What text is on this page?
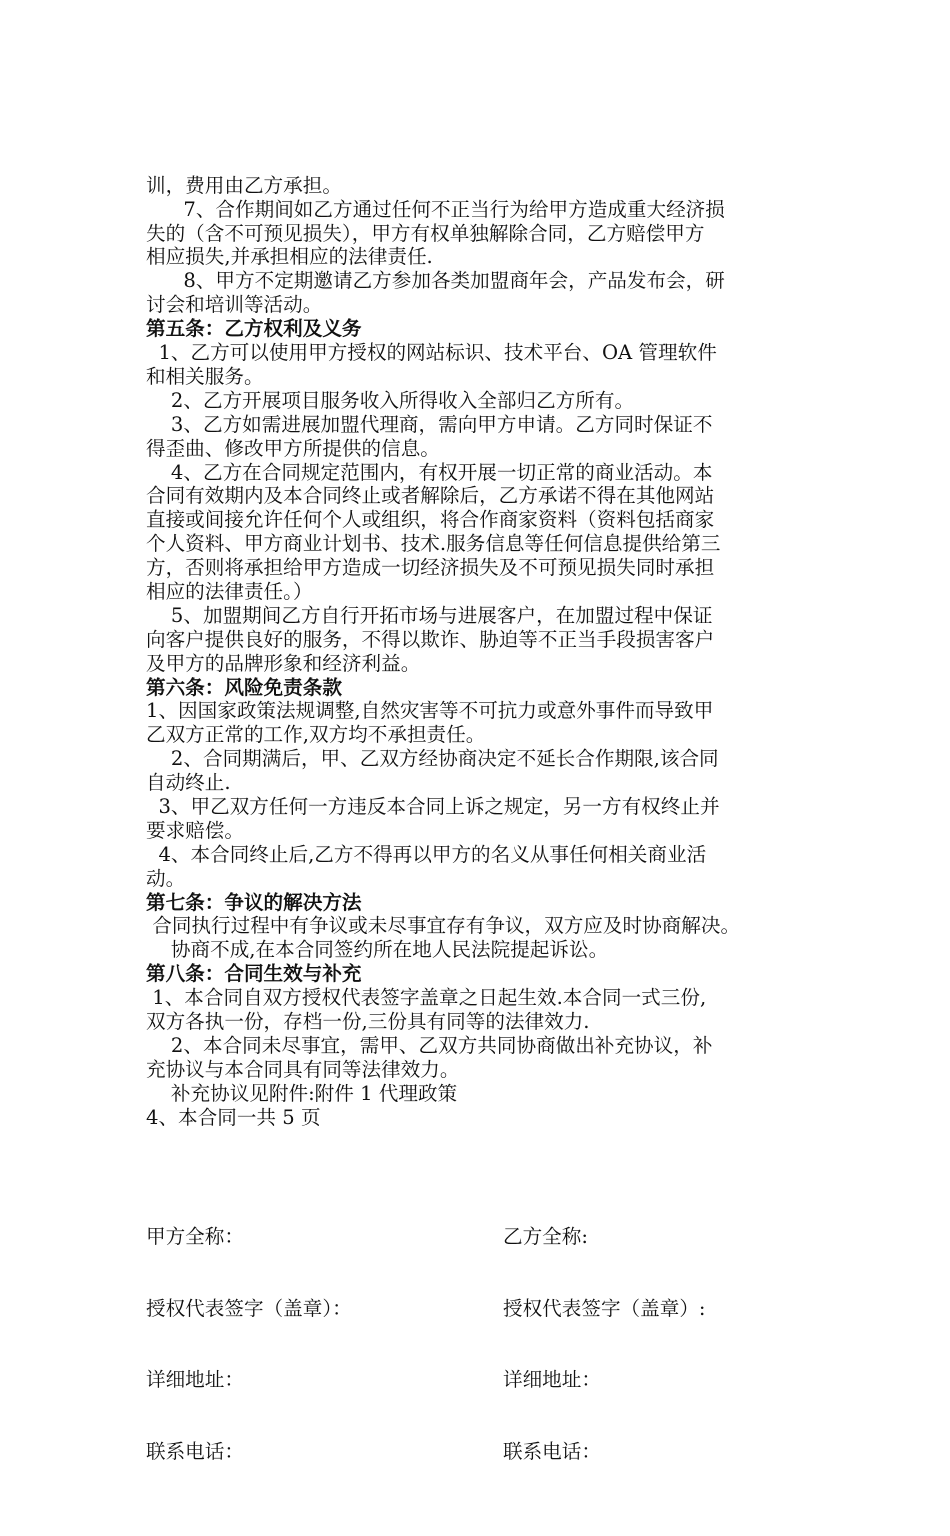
训，费用由乙方承担。
7、合作期间如乙方通过任何不正当行为给甲方造成重大经济损
失的（含不可预见损失），甲方有权单独解除合同，乙方赔偿甲方
相应损失,并承担相应的法律责任.
8、甲方不定期邀请乙方参加各类加盟商年会，产品发布会，研
讨会和培训等活动。
第五条：乙方权利及义务
1、乙方可以使用甲方授权的网站标识、技术平台、OA 管理软件
和相关服务。
2、乙方开展项目服务收入所得收入全部归乙方所有。
3、乙方如需进展加盟代理商，需向甲方申请。乙方同时保证不
得歪曲、修改甲方所提供的信息。
4、乙方在合同规定范围内，有权开展一切正常的商业活动。本
合同有效期内及本合同终止或者解除后，乙方承诺不得在其他网站
直接或间接允许任何个人或组织，将合作商家资料（资料包括商家
个人资料、甲方商业计划书、技术.服务信息等任何信息提供给第三
方，否则将承担给甲方造成一切经济损失及不可预见损失同时承担
相应的法律责任。）
5、加盟期间乙方自行开拓市场与进展客户，在加盟过程中保证
向客户提供良好的服务，不得以欺诈、胁迫等不正当手段损害客户
及甲方的品牌形象和经济利益。
第六条：风险免责条款
1、因国家政策法规调整,自然灾害等不可抗力或意外事件而导致甲
乙双方正常的工作,双方均不承担责任。
2、合同期满后，甲、乙双方经协商决定不延长合作期限,该合同
自动终止.
3、甲乙双方任何一方违反本合同上诉之规定，另一方有权终止并
要求赔偿。
4、本合同终止后,乙方不得再以甲方的名义从事任何相关商业活
动。
第七条：争议的解决方法
合同执行过程中有争议或未尽事宜存有争议，双方应及时协商解决。
协商不成,在本合同签约所在地人民法院提起诉讼。
第八条：合同生效与补充
1、本合同自双方授权代表签字盖章之日起生效.本合同一式三份,
双方各执一份，存档一份,三份具有同等的法律效力.
2、本合同未尽事宜，需甲、乙双方共同协商做出补充协议，补
充协议与本合同具有同等法律效力。
补充协议见附件:附件 1 代理政策
4、本合同一共 5 页

甲方全称：	乙方全称:

授权代表签字（盖章）：	授权代表签字（盖章）:

详细地址：	详细地址：

联系电话：	联系电话：
